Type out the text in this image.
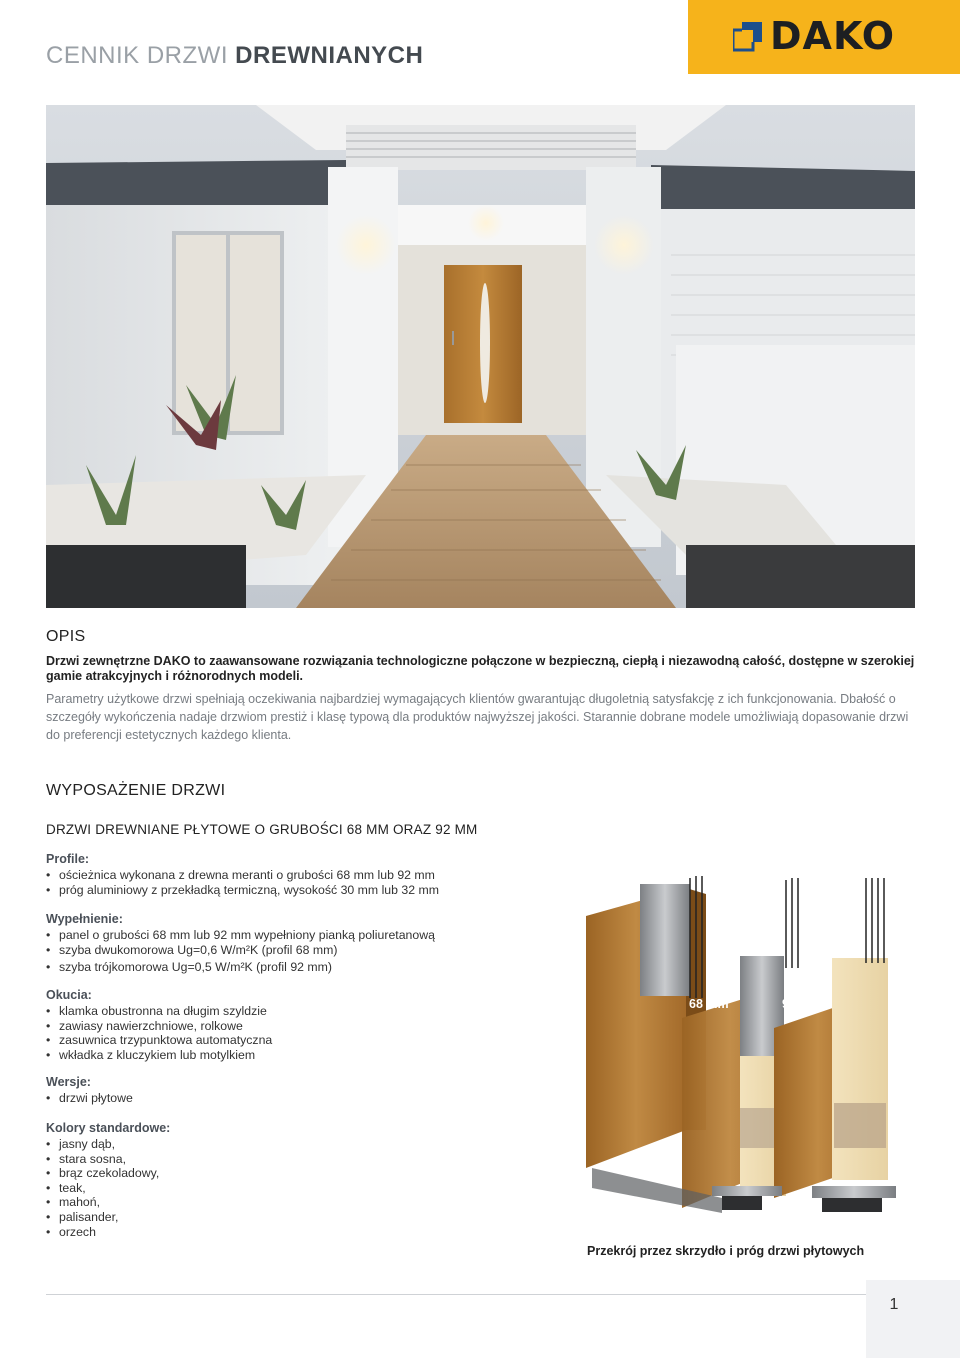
CENNIK DRZWI DREWNIANYCH	DAKO
OPIS
Drzwi zewnętrzne DAKO to zaawansowane rozwiązania technologiczne połączone w bezpieczną, ciepłą i niezawodną całość, dostępne w szerokiej gamie atrakcyjnych i różnorodnych modeli.
Parametry użytkowe drzwi spełniają oczekiwania najbardziej wymagających klientów gwarantując długoletnią satysfakcję z ich funkcjonowania. Dbałość o szczegóły wykończenia nadaje drzwiom prestiż i klasę typową dla produktów najwyższej jakości. Starannie dobrane modele umożliwiają dopasowanie drzwi do preferencji estetycznych każdego klienta.
WYPOSAŻENIE DRZWI
DRZWI DREWNIANE PŁYTOWE O GRUBOŚCI 68 MM ORAZ 92 MM
Profile:
• ościeżnica wykonana z drewna meranti o grubości 68 mm lub 92 mm
• próg aluminiowy z przekładką termiczną, wysokość 30 mm lub 32 mm
Wypełnienie:
• panel o grubości 68 mm lub 92 mm wypełniony pianką poliuretanową
• szyba dwukomorowa Ug=0,6 W/m²K (profil 68 mm)
• szyba trójkomorowa Ug=0,5 W/m²K (profil 92 mm)
Okucia:
• klamka obustronna na długim szyldzie
• zawiasy nawierzchniowe, rolkowe
• zasuwnica trzypunktowa automatyczna
• wkładka z kluczykiem lub motylkiem
Wersje:
• drzwi płytowe
Kolory standardowe:
• jasny dąb,
• stara sosna,
• brąz czekoladowy,
• teak,
• mahoń,
• palisander,
• orzech
68 mm	92 mm
Przekrój przez skrzydło i próg drzwi płytowych
1
